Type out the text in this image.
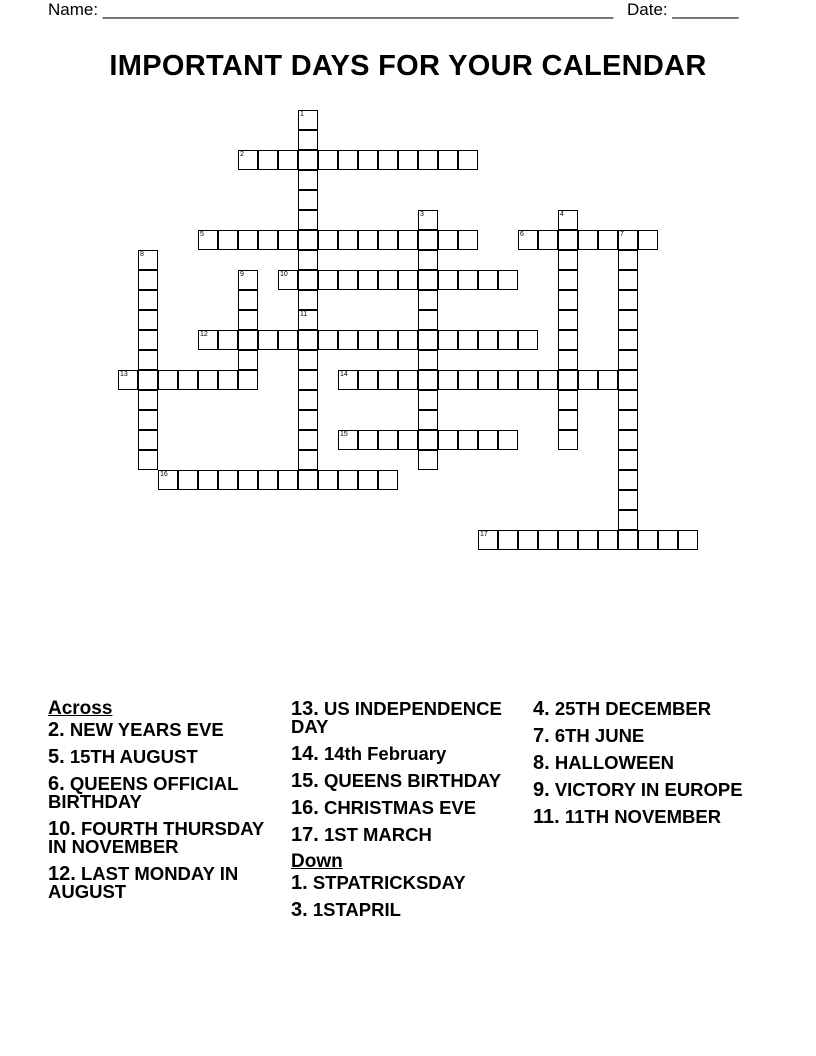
Name: ______________________________________________________ Date: _______
IMPORTANT DAYS FOR YOUR CALENDAR
1
11
2
3	4
5	6	7
8
9	10
12
13	14
15
16
17
Across
2. NEW YEARS EVE
5. 15TH AUGUST
6. QUEENS OFFICIAL BIRTHDAY
10. FOURTH THURSDAY IN NOVEMBER
12. LAST MONDAY IN AUGUST
13. US INDEPENDENCE DAY
14. 14th February
15. QUEENS BIRTHDAY
16. CHRISTMAS EVE
17. 1ST MARCH
Down
1. STPATRICKSDAY
3. 1STAPRIL
4. 25TH DECEMBER
7. 6TH JUNE
8. HALLOWEEN
9. VICTORY IN EUROPE
11. 11TH NOVEMBER
